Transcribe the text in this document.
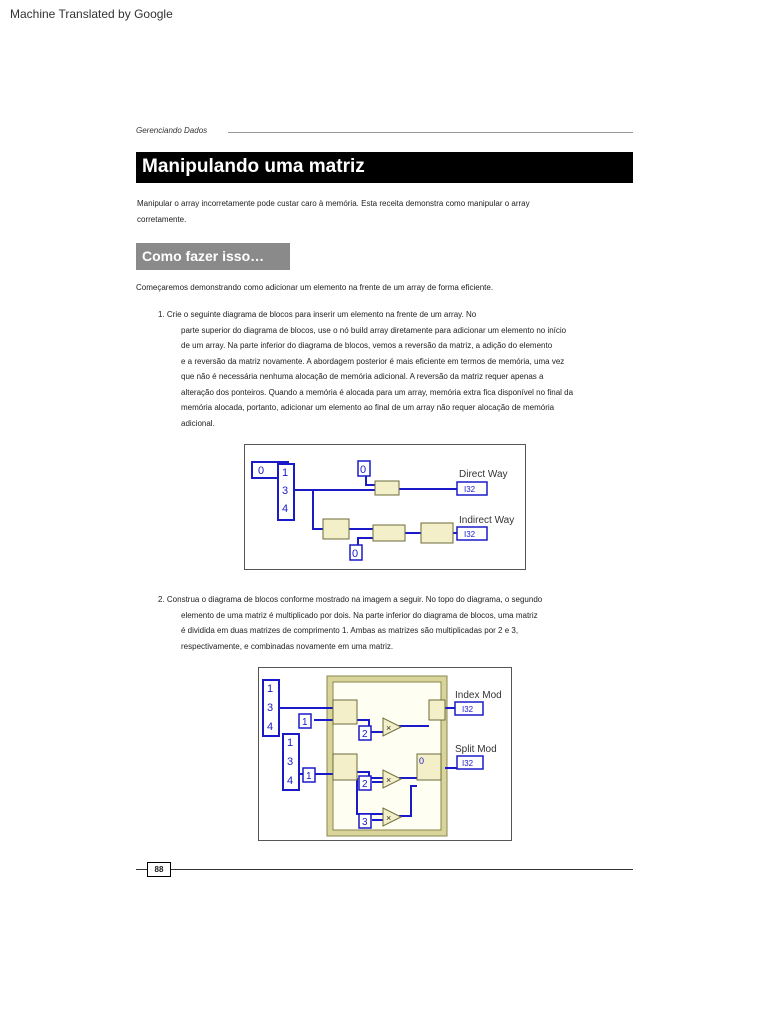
Machine Translated by Google
Gerenciando Dados
Manipulando uma matriz
Manipular o array incorretamente pode custar caro à memória. Esta receita demonstra como manipular o array
corretamente.
Como fazer isso…
Começaremos demonstrando como adicionar um elemento na frente de um array de forma eficiente.
1. Crie o seguinte diagrama de blocos para inserir um elemento na frente de um array. No
parte superior do diagrama de blocos, use o nó build array diretamente para adicionar um elemento no início
de um array. Na parte inferior do diagrama de blocos, vemos a reversão da matriz, a adição do elemento
e a reversão da matriz novamente. A abordagem posterior é mais eficiente em termos de memória, uma vez
que não é necessária nenhuma alocação de memória adicional. A reversão da matriz requer apenas a
alteração dos ponteiros. Quando a memória é alocada para um array, memória extra fica disponível no final da
memória alocada, portanto, adicionar um elemento ao final de um array não requer alocação de memória
adicional.
0 1
3
4
0
0
Direct Way
I32
Indirect Way
I32
2. Construa o diagrama de blocos conforme mostrado na imagem a seguir. No topo do diagrama, o segundo
elemento de uma matriz é multiplicado por dois. Na parte inferior do diagrama de blocos, uma matriz
é dividida em duas matrizes de comprimento 1. Ambas as matrizes são multiplicadas por 2 e 3,
respectivamente, e combinadas novamente em uma matriz.
1
3
4
1
3
4
1
1
2
2
3
×
×
×
0
Index Mod
I32
Split Mod
I32
88
